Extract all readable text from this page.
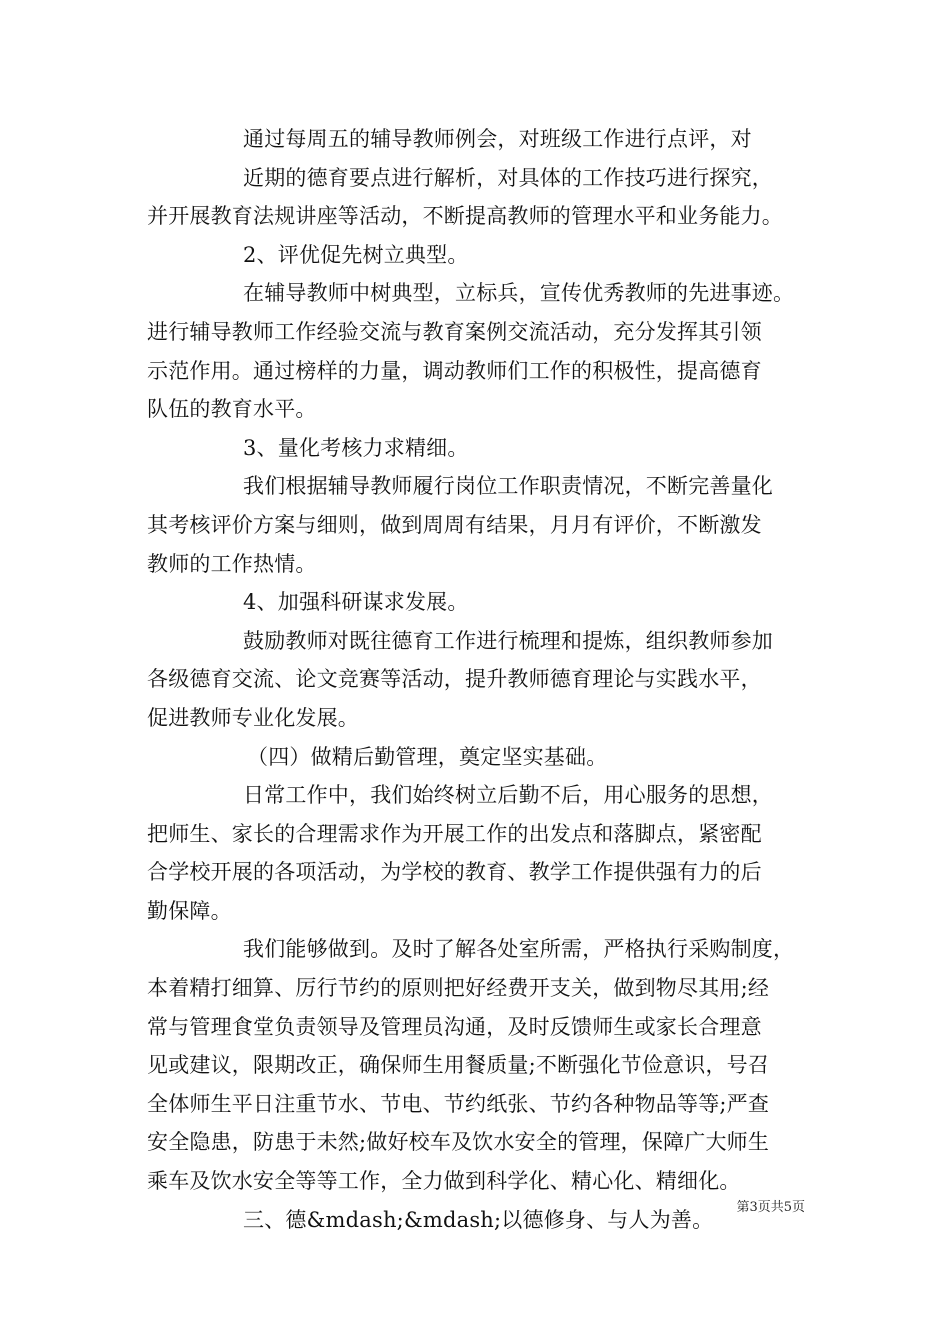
通过每周五的辅导教师例会，对班级工作进行点评，对
近期的德育要点进行解析，对具体的工作技巧进行探究，
并开展教育法规讲座等活动，不断提高教师的管理水平和业务能力。
2、评优促先树立典型。
在辅导教师中树典型，立标兵，宣传优秀教师的先进事迹。
进行辅导教师工作经验交流与教育案例交流活动，充分发挥其引领
示范作用。通过榜样的力量，调动教师们工作的积极性，提高德育
队伍的教育水平。
3、量化考核力求精细。
我们根据辅导教师履行岗位工作职责情况，不断完善量化
其考核评价方案与细则，做到周周有结果，月月有评价，不断激发
教师的工作热情。
4、加强科研谋求发展。
鼓励教师对既往德育工作进行梳理和提炼，组织教师参加
各级德育交流、论文竞赛等活动，提升教师德育理论与实践水平，
促进教师专业化发展。
（四）做精后勤管理，奠定坚实基础。
日常工作中，我们始终树立后勤不后，用心服务的思想，
把师生、家长的合理需求作为开展工作的出发点和落脚点，紧密配
合学校开展的各项活动，为学校的教育、教学工作提供强有力的后
勤保障。
我们能够做到。及时了解各处室所需，严格执行采购制度，
本着精打细算、厉行节约的原则把好经费开支关，做到物尽其用;经
常与管理食堂负责领导及管理员沟通，及时反馈师生或家长合理意
见或建议，限期改正，确保师生用餐质量;不断强化节俭意识，号召
全体师生平日注重节水、节电、节约纸张、节约各种物品等等;严查
安全隐患，防患于未然;做好校车及饮水安全的管理，保障广大师生
乘车及饮水安全等等工作，全力做到科学化、精心化、精细化。
三、德&mdash;&mdash;以德修身、与人为善。
第3页共5页
